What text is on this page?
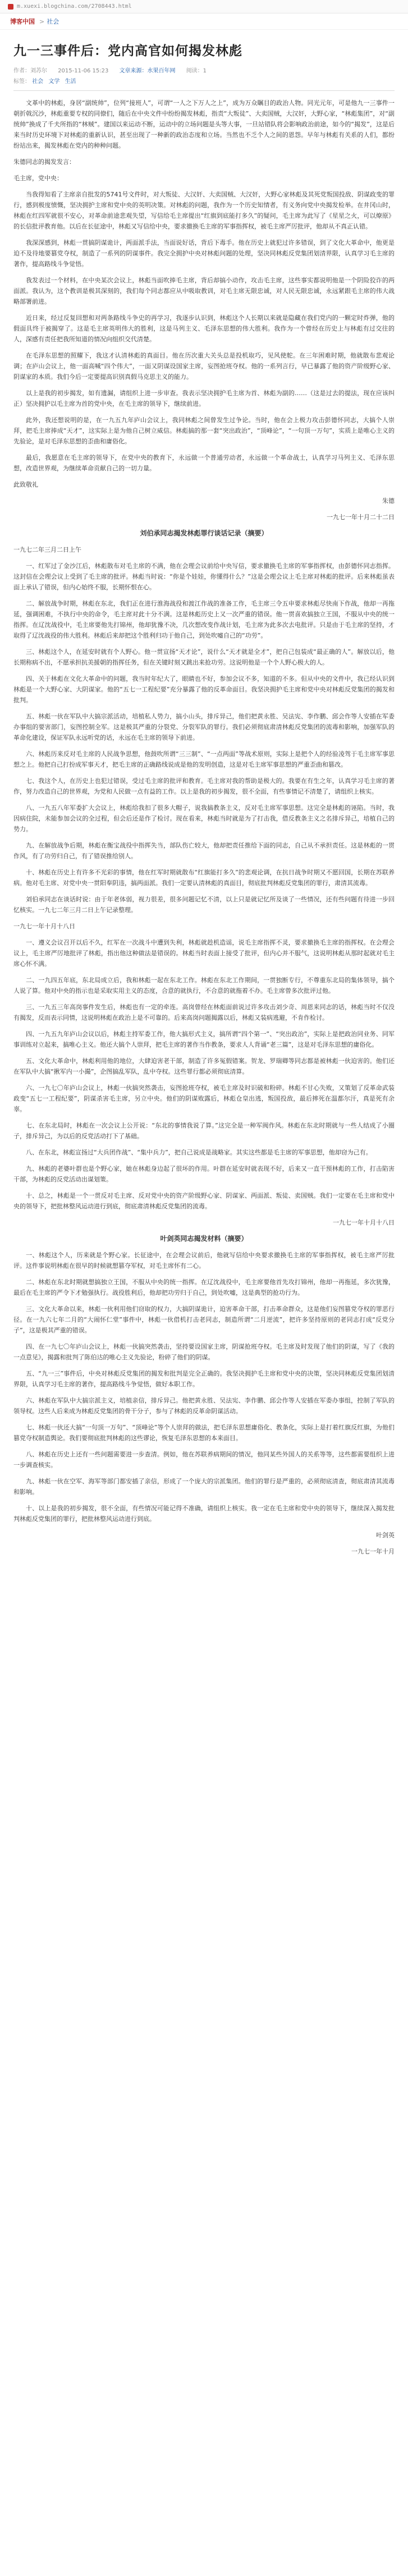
m.xuexi.blogchina.com/2708443.html
博客中国 > 社会
九一三事件后：党内高官如何揭发林彪
作者：刘苏尔 2015-11-06 15:23 文章来源：水果百年网 阅读：1
标签： 社会 文学 生活

文革中的林彪，身居“副统帅”，位列“接班人”，可谓“一人之下万人之上”，成为万众瞩目的政治人物。同光元年，可是他九一三事件一朝折戟沉沙，林彪重要专权的同僚们，随后在中央文件中纷纷揭发林彪，指责“大叛徒”、大卖国贼，大汉奸，大野心家，“林彪集团”，对“副统帅”换成了千夫所指的“林贼”。建国以来运动不断，运动中的立场问题是头等大事，一旦站错队将会影响政治前途，如今的“揭发”，这是后来当时历史环境下对林彪的重新认识，甚至出现了一种新的政治态度和立场。当然也不乏个人之间的恩怨。早年与林彪有关系的人们，都纷纷站出来，揭发林彪在党内的种种问题。

朱德同志的揭发发言：

毛主席，党中央：

当我得知看了主席亲自批发的5741号文件时，对大叛徒、大汉奸、大卖国贼、大汉奸，大野心家林彪及其死党叛国投敌、阴谋政变的罪行，感到极度愤慨，坚决拥护主席和党中央的英明决策。对林彪的问题，我作为一个历史知情者，有义务向党中央揭发检举。在井冈山时，林彪在红四军就很不安心，对革命前途悲观失望，写信给毛主席提出“红旗到底能打多久”的疑问，毛主席为此写了《星星之火，可以燎原》的长信批评教育他。以后在长征途中，林彪又写信给中央，要求撤换毛主席的军事指挥权，被毛主席严厉批评，他却从不真正认错。

我深深感到，林彪一贯搞阴谋诡计，两面派手法，当面说好话，背后下毒手。他在历史上就犯过许多错误，到了文化大革命中，他更是迫不及待地要篡党夺权，制造了一系列的阴谋事件。我完全拥护中央对林彪问题的处理，坚决同林彪反党集团划清界限，认真学习毛主席的著作，提高路线斗争觉悟。

我发表过一个材料，在中央某次会议上，林彪当面吹捧毛主席，背后却搞小动作，攻击毛主席，这些事实都说明他是一个阴险狡诈的两面派。我认为，这个教训是极其深刻的，我们每个同志都应从中吸取教训，对毛主席无限忠诚，对人民无限忠诚，永远紧跟毛主席的伟大战略部署前进。

近日来，经过反复回想和对两条路线斗争史的再学习，我逐步认识到，林彪这个人长期以来就是隐藏在我们党内的一颗定时炸弹，他的假面具终于被揭穿了。这是毛主席英明伟大的胜利，这是马列主义、毛泽东思想的伟大胜利。我作为一个曾经在历史上与林彪有过交往的人，深感有责任把我所知道的情况向组织交代清楚。

在毛泽东思想的照耀下，我这才认清林彪的真面目。他在历次重大关头总是投机取巧，见风使舵。在三年困难时期，他就散布悲观论调；在庐山会议上，他一面高喊“四个伟大”，一面又阴谋设国家主席，妄图抢班夺权。他的一系列言行，早已暴露了他的资产阶级野心家、阴谋家的本质。我们今后一定要提高识别真假马克思主义的能力。

以上是我的初步揭发，如有遗漏，请组织上进一步审查。我表示坚决拥护毛主席为首、林彪为副的……（这是过去的提法，现在应该纠正）坚决拥护以毛主席为首的党中央，在毛主席的领导下，继续前进。

此外，我还想说明的是，在一九五九年庐山会议上，我同林彪之间曾发生过争论。当时，他在会上极力攻击彭德怀同志，大搞个人崇拜，把毛主席捧成“天才”，这实际上是为他自己树立威信。林彪搞的那一套“突出政治”，“顶峰论”，“一句顶一万句”，实质上是唯心主义的先验论，是对毛泽东思想的歪曲和庸俗化。

最后，我愿意在毛主席的领导下，在党中央的教育下，永远做一个普通劳动者，永远做一个革命战士，认真学习马列主义、毛泽东思想，改造世界观，为继续革命贡献自己的一切力量。

此致敬礼

朱德

一九七一年十月二十二日

刘伯承同志揭发林彪罪行谈话记录（摘要）

一九七二年三月二日上午

一、红军过了金沙江后，林彪散布对毛主席的不满，他在会理会议前给中央写信，要求撤换毛主席的军事指挥权，由彭德怀同志指挥。这封信在会理会议上受到了毛主席的批评。林彪当时说：“你是个娃娃，你懂得什么？”这是会理会议上毛主席对林彪的批评。后来林彪虽表面上承认了错误，但内心始终不服，长期怀恨在心。

二、解放战争时期，林彪在东北，我们正在进行淮海战役和渡江作战的准备工作，毛主席三令五申要求林彪尽快南下作战，他却一再拖延，强调困难，不执行中央的命令，毛主席对此十分不满。这是林彪历史上又一次严重的错误。他一贯喜欢搞独立王国，不服从中央的统一指挥。在辽沈战役中，毛主席要他先打锦州，他却犹豫不决，几次想改变作战计划，毛主席为此多次去电批评。只是由于毛主席的坚持，才取得了辽沈战役的伟大胜利。林彪后来却把这个胜利归功于他自己，到处吹嘘自己的“功劳”。

三、林彪这个人，在延安时就有个人野心。他一贯宣扬“天才论”，说什么“天才就是全才”，把自己包装成“最正确的人”。解放以后，他长期称病不出，不愿承担抗美援朝的指挥任务，但在关键时刻又跳出来抢功劳。这说明他是一个个人野心极大的人。

四、关于林彪在文化大革命中的问题，我当时年纪大了，眼睛也不好，参加会议不多，知道的不多。但从中央的文件中，我已经认识到林彪是一个大野心家、大阴谋家。他的“五七一工程纪要”充分暴露了他的反革命面目。我坚决拥护毛主席和党中央对林彪反党集团的揭发和批判。

五、林彪一伙在军队中大搞宗派活动，培植私人势力，搞小山头，排斥异己，他们把黄永胜、吴法宪、李作鹏、邱会作等人安插在军委办事组的要害部门，妄图控制全军。这是极其严重的分裂党、分裂军队的罪行。我们必须彻底肃清林彪反党集团的流毒和影响，加强军队的革命化建设，保证军队永远听党的话，永远在毛主席的领导下前进。

六、林彪历来反对毛主席的人民战争思想，他鼓吹所谓“三三制”、“一点两面”等战术原则，实际上是把个人的经验凌驾于毛主席军事思想之上。他把自己打扮成军事天才，把毛主席的正确路线说成是他的发明创造，这是对毛主席军事思想的严重歪曲和篡改。

七、我这个人，在历史上也犯过错误，受过毛主席的批评和教育。毛主席对我的帮助是极大的。我要在有生之年，认真学习毛主席的著作，努力改造自己的世界观，为党和人民做一点有益的工作。以上是我的初步揭发，很不全面，有些事情记不清楚了，请组织上核实。

八、一九五八年军委扩大会议上，林彪给我扣了很多大帽子，说我搞教条主义，反对毛主席军事思想。这完全是林彪的诬陷。当时，我因病住院，未能参加会议的全过程，但会后还是作了检讨。现在看来，林彪当时就是为了打击我，借反教条主义之名排斥异己，培植自己的势力。

九、在解放战争后期，林彪在衡宝战役中指挥失当，部队伤亡较大，他却把责任推给下面的同志，自己从不承担责任。这是林彪的一贯作风，有了功劳归自己，有了错误推给别人。

十、林彪在历史上有许多不光彩的事情，他在红军时期就散布“红旗能打多久”的悲观论调，在抗日战争时期又不愿回国，长期在苏联养病。他对毛主席、对党中央一贯阳奉阴违，搞两面派。我们一定要认清林彪的真面目，彻底批判林彪反党集团的罪行，肃清其流毒。

刘伯承同志在谈话时说：由于年老体弱，视力很差，很多问题记忆不清，以上只是就记忆所及谈了一些情况，还有些问题有待进一步回忆核实。一九七二年三月二日上午记录整理。

一九七一年十月十八日

一、遵义会议召开以后不久，红军在一次战斗中遭到失利，林彪就趁机造谣，说毛主席指挥不灵，要求撤换毛主席的指挥权。在会理会议上，毛主席严厉地批评了林彪，指出他这种做法是错误的。林彪当时表面上接受了批评，但内心并不服气，这说明林彪从那时起就对毛主席心怀不满。

二、一九四五年底，东北局成立后，我和林彪一起在东北工作。林彪在东北工作期间，一贯独断专行，不尊重东北局的集体领导，搞个人说了算。他对中央的指示也是采取实用主义的态度，合意的就执行，不合意的就拖着不办。毛主席曾多次批评过他。

三、一九五三年高岗事件发生后，林彪也有一定的牵连。高岗曾经在林彪面前说过许多攻击刘少奇、周恩来同志的话，林彪当时不仅没有揭发，反而表示同情，这说明林彪在政治上是不可靠的。后来高岗问题揭露以后，林彪又装病逃避，不肯作检讨。

四、一九五九年庐山会议以后，林彪主持军委工作，他大搞形式主义，搞所谓“四个第一”、“突出政治”，实际上是把政治同业务、同军事训练对立起来，搞唯心主义。他还大搞个人崇拜，把毛主席的著作当作教条，要求人人背诵“老三篇”，这是对毛泽东思想的庸俗化。

五、文化大革命中，林彪利用他的地位，大肆迫害老干部，制造了许多冤假错案。贺龙、罗瑞卿等同志都是被林彪一伙迫害的。他们还在军队中大搞“揪军内一小撮”，企图搞乱军队，乱中夺权。这些罪行都必须彻底清算。

六、一九七〇年庐山会议上，林彪一伙搞突然袭击，妄图抢班夺权，被毛主席及时识破和粉碎。林彪不甘心失败，又策划了反革命武装政变“五七一工程纪要”，阴谋杀害毛主席，另立中央。他们的阴谋败露后，林彪仓皇出逃，叛国投敌，最后摔死在温都尔汗，真是死有余辜。

七、在东北局时，林彪在一次会议上公开说：“东北的事情我说了算。”这完全是一种军阀作风。林彪在东北时期就与一些人结成了小圈子，排斥异己，为以后的反党活动打下了基础。

八、在东北，林彪宣扬过“大兵团作战”、“集中兵力”，把自己说成是战略家。其实这些都是毛主席的军事思想，他却窃为己有。

九、林彪的老婆叶群也是个野心家，她在林彪身边起了很坏的作用。叶群在延安时就表现不好，后来又一直干预林彪的工作，打击陷害干部，为林彪的反党活动出谋划策。

十、总之，林彪是一个一贯反对毛主席、反对党中央的资产阶级野心家、阴谋家、两面派、叛徒、卖国贼。我们一定要在毛主席和党中央的领导下，把批林整风运动进行到底，彻底肃清林彪反党集团的流毒。

一九七一年十月十八日

叶剑英同志揭发材料（摘要）

一、林彪这个人，历来就是个野心家。长征途中，在会理会议前后，他就写信给中央要求撤换毛主席的军事指挥权，被毛主席严厉批评。这件事说明林彪在很早的时候就想篡夺军权，对毛主席怀有二心。

二、林彪在东北时期就想搞独立王国，不服从中央的统一指挥。在辽沈战役中，毛主席要他首先攻打锦州，他却一再拖延，多次犹豫，最后在毛主席的严令下才勉强执行。战役胜利后，他却把功劳归于自己，到处吹嘘，这是典型的抢功行为。

三、文化大革命以来，林彪一伙利用他们窃取的权力，大搞阴谋诡计，迫害革命干部，打击革命群众，这是他们妄图篡党夺权的罪恶行径。在一九六七年二月的“大闹怀仁堂”事件中，林彪一伙借机打击老同志，制造所谓“二月逆流”，把许多坚持原则的老同志打成“反党分子”，这是极其严重的错误。

四、在一九七〇年庐山会议上，林彪一伙搞突然袭击，坚持要设国家主席，阴谋抢班夺权。毛主席及时发现了他们的阴谋，写了《我的一点意见》，揭露和批判了陈伯达的唯心主义先验论，粉碎了他们的阴谋。

五、“九一三”事件后，中央对林彪反党集团的揭发和批判是完全正确的。我坚决拥护毛主席和党中央的决策，坚决同林彪反党集团划清界限，认真学习毛主席的著作，提高路线斗争觉悟，做好本职工作。

六、林彪在军队中大搞宗派主义，培植亲信，排斥异己。他把黄永胜、吴法宪、李作鹏、邱会作等人安插在军委办事组，控制了军队的领导权。这些人后来成为林彪反党集团的骨干分子，参与了林彪的反革命阴谋活动。

七、林彪一伙还大搞“一句顶一万句”、“顶峰论”等个人崇拜的做法，把毛泽东思想庸俗化、教条化，实际上是打着红旗反红旗，为他们篡党夺权制造舆论。我们要彻底批判林彪的这些谬论，恢复毛泽东思想的本来面目。

八、林彪在历史上还有一些问题需要进一步查清。例如，他在苏联养病期间的情况，他同某些外国人的关系等等，这些都需要组织上进一步调查核实。

九、林彪一伙在空军、海军等部门都安插了亲信，形成了一个庞大的宗派集团。他们的罪行是严重的，必须彻底清查，彻底肃清其流毒和影响。

十、以上是我的初步揭发，很不全面，有些情况可能记得不准确，请组织上核实。我一定在毛主席和党中央的领导下，继续深入揭发批判林彪反党集团的罪行，把批林整风运动进行到底。

叶剑英

一九七一年十月
